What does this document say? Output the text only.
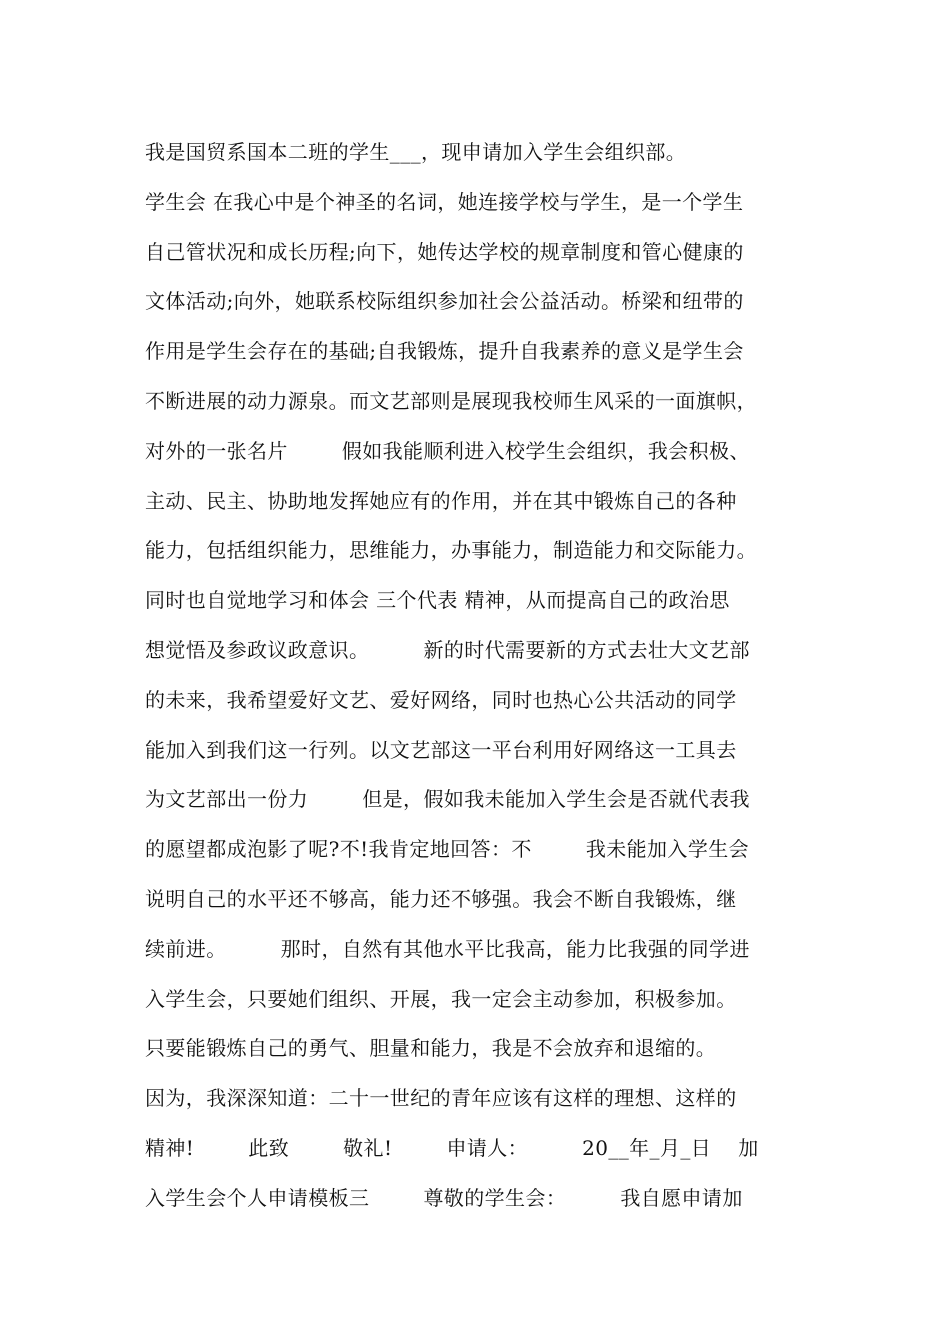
我是国贸系国本二班的学生___，现申请加入学生会组织部。
学生会 在我心中是个神圣的名词，她连接学校与学生，是一个学生
自己管状况和成长历程;向下，她传达学校的规章制度和管心健康的
文体活动;向外，她联系校际组织参加社会公益活动。桥梁和纽带的
作用是学生会存在的基础;自我锻炼，提升自我素养的意义是学生会
不断进展的动力源泉。而文艺部则是展现我校师生风采的一面旗帜，
对外的一张名片        假如我能顺利进入校学生会组织，我会积极、
主动、民主、协助地发挥她应有的作用，并在其中锻炼自己的各种
能力，包括组织能力，思维能力，办事能力，制造能力和交际能力。
同时也自觉地学习和体会 三个代表 精神，从而提高自己的政治思
想觉悟及参政议政意识。        新的时代需要新的方式去壮大文艺部
的未来，我希望爱好文艺、爱好网络，同时也热心公共活动的同学
能加入到我们这一行列。以文艺部这一平台利用好网络这一工具去
为文艺部出一份力        但是，假如我未能加入学生会是否就代表我
的愿望都成泡影了呢?不!我肯定地回答：不        我未能加入学生会
说明自己的水平还不够高，能力还不够强。我会不断自我锻炼，继
续前进。        那时，自然有其他水平比我高，能力比我强的同学进
入学生会，只要她们组织、开展，我一定会主动参加，积极参加。
只要能锻炼自己的勇气、胆量和能力，我是不会放弃和退缩的。
因为，我深深知道：二十一世纪的青年应该有这样的理想、这样的
精神!        此致        敬礼!        申请人：        20__年_月_日    加
入学生会个人申请模板三        尊敬的学生会：        我自愿申请加
